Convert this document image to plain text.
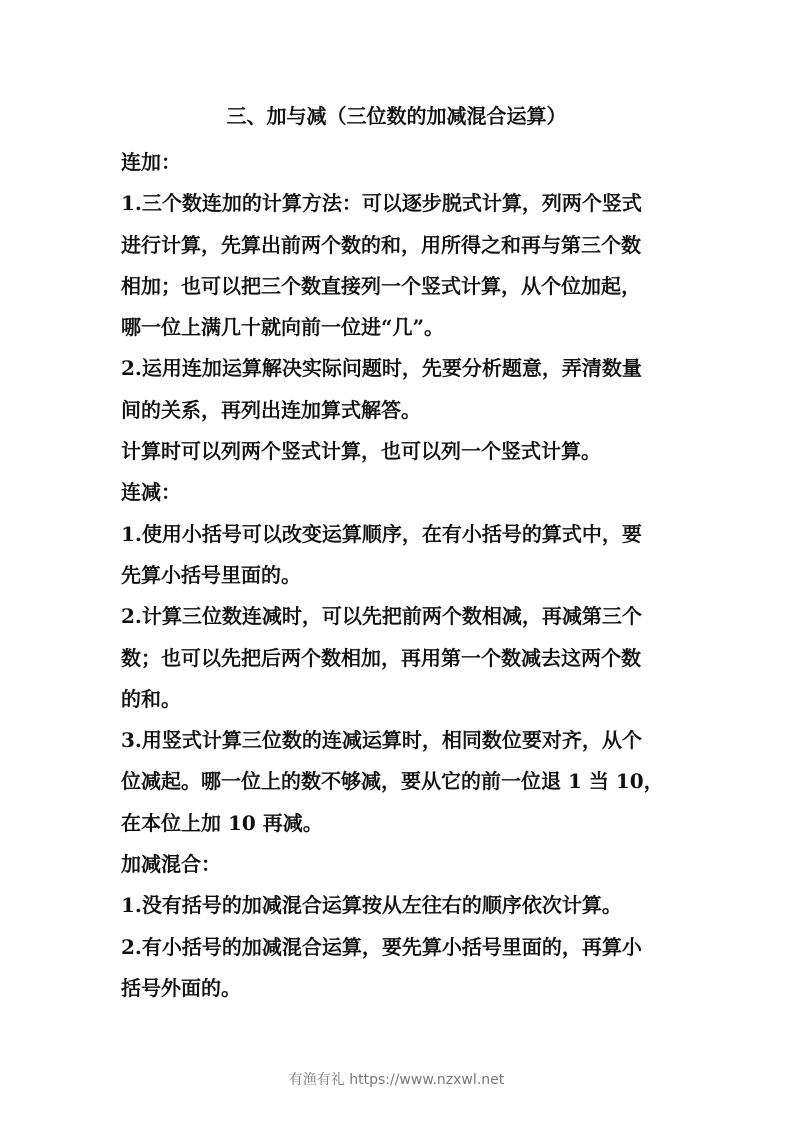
三、加与减（三位数的加减混合运算）
连加：
1.三个数连加的计算方法：可以逐步脱式计算，列两个竖式
进行计算，先算出前两个数的和，用所得之和再与第三个数
相加；也可以把三个数直接列一个竖式计算，从个位加起，
哪一位上满几十就向前一位进“几”。
2.运用连加运算解决实际问题时，先要分析题意，弄清数量
间的关系，再列出连加算式解答。
计算时可以列两个竖式计算，也可以列一个竖式计算。
连减：
1.使用小括号可以改变运算顺序，在有小括号的算式中，要
先算小括号里面的。
2.计算三位数连减时，可以先把前两个数相减，再减第三个
数；也可以先把后两个数相加，再用第一个数减去这两个数
的和。
3.用竖式计算三位数的连减运算时，相同数位要对齐，从个
位减起。哪一位上的数不够减，要从它的前一位退 1 当 10，
在本位上加 10 再减。
加减混合：
1.没有括号的加减混合运算按从左往右的顺序依次计算。
2.有小括号的加减混合运算，要先算小括号里面的，再算小
括号外面的。
有渔有礼 https://www.nzxwl.net
